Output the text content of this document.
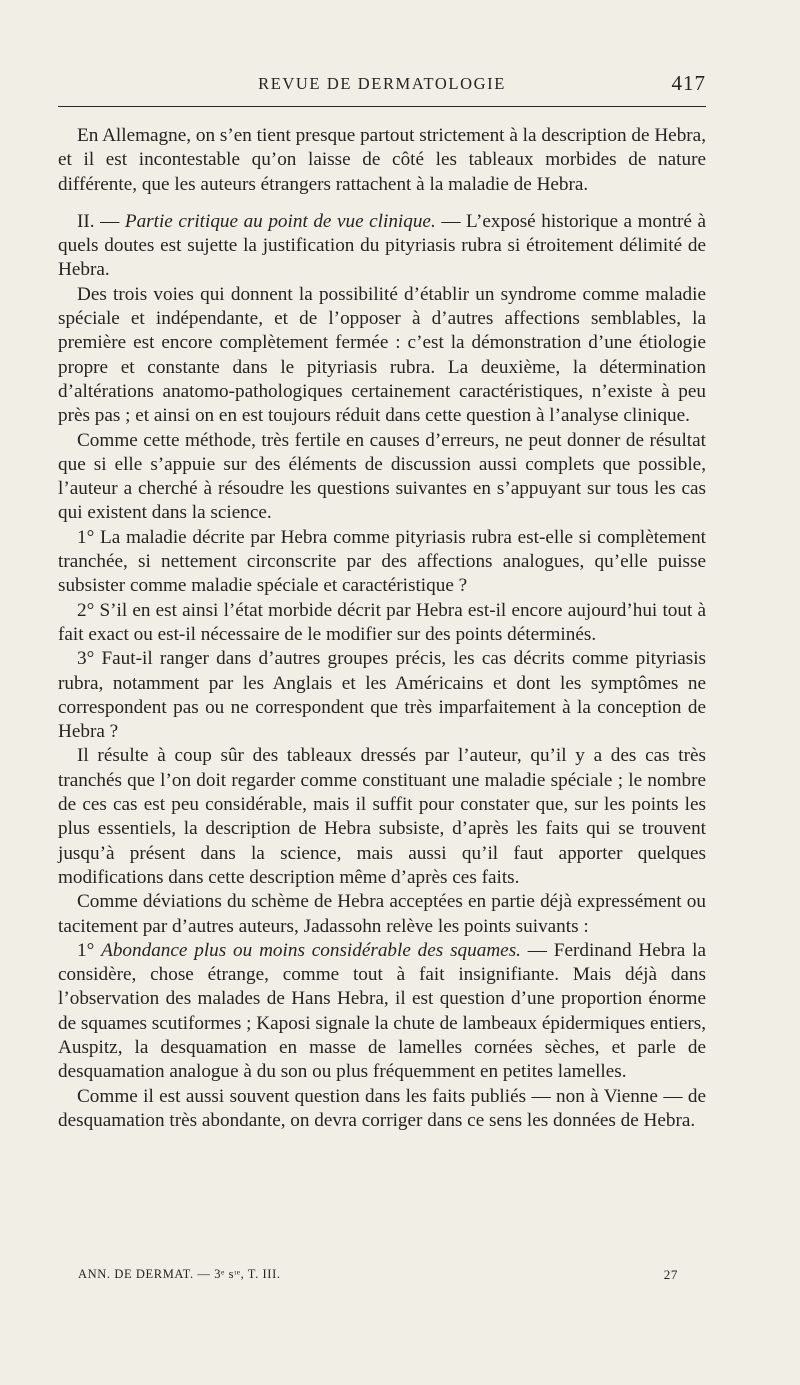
REVUE DE DERMATOLOGIE	417

En Allemagne, on s’en tient presque partout strictement à la description de Hebra, et il est incontestable qu’on laisse de côté les tableaux morbides de nature différente, que les auteurs étrangers rattachent à la maladie de Hebra.

II. — Partie critique au point de vue clinique. — L’exposé historique a montré à quels doutes est sujette la justification du pityriasis rubra si étroitement délimité de Hebra.

Des trois voies qui donnent la possibilité d’établir un syndrome comme maladie spéciale et indépendante, et de l’opposer à d’autres affections semblables, la première est encore complètement fermée : c’est la démonstration d’une étiologie propre et constante dans le pityriasis rubra. La deuxième, la détermination d’altérations anatomo-pathologiques certainement caractéristiques, n’existe à peu près pas ; et ainsi on en est toujours réduit dans cette question à l’analyse clinique.

Comme cette méthode, très fertile en causes d’erreurs, ne peut donner de résultat que si elle s’appuie sur des éléments de discussion aussi complets que possible, l’auteur a cherché à résoudre les questions suivantes en s’appuyant sur tous les cas qui existent dans la science.

1° La maladie décrite par Hebra comme pityriasis rubra est-elle si complètement tranchée, si nettement circonscrite par des affections analogues, qu’elle puisse subsister comme maladie spéciale et caractéristique ?

2° S’il en est ainsi l’état morbide décrit par Hebra est-il encore aujourd’hui tout à fait exact ou est-il nécessaire de le modifier sur des points déterminés.

3° Faut-il ranger dans d’autres groupes précis, les cas décrits comme pityriasis rubra, notamment par les Anglais et les Américains et dont les symptômes ne correspondent pas ou ne correspondent que très imparfaitement à la conception de Hebra ?

Il résulte à coup sûr des tableaux dressés par l’auteur, qu’il y a des cas très tranchés que l’on doit regarder comme constituant une maladie spéciale ; le nombre de ces cas est peu considérable, mais il suffit pour constater que, sur les points les plus essentiels, la description de Hebra subsiste, d’après les faits qui se trouvent jusqu’à présent dans la science, mais aussi qu’il faut apporter quelques modifications dans cette description même d’après ces faits.

Comme déviations du schème de Hebra acceptées en partie déjà expressément ou tacitement par d’autres auteurs, Jadassohn relève les points suivants :

1° Abondance plus ou moins considérable des squames. — Ferdinand Hebra la considère, chose étrange, comme tout à fait insignifiante. Mais déjà dans l’observation des malades de Hans Hebra, il est question d’une proportion énorme de squames scutiformes ; Kaposi signale la chute de lambeaux épidermiques entiers, Auspitz, la desquamation en masse de lamelles cornées sèches, et parle de desquamation analogue à du son ou plus fréquemment en petites lamelles.

Comme il est aussi souvent question dans les faits publiés — non à Vienne — de desquamation très abondante, on devra corriger dans ce sens les données de Hebra.

ANN. DE DERMAT. — 3ᵉ sᶦᵉ, T. III.	27
